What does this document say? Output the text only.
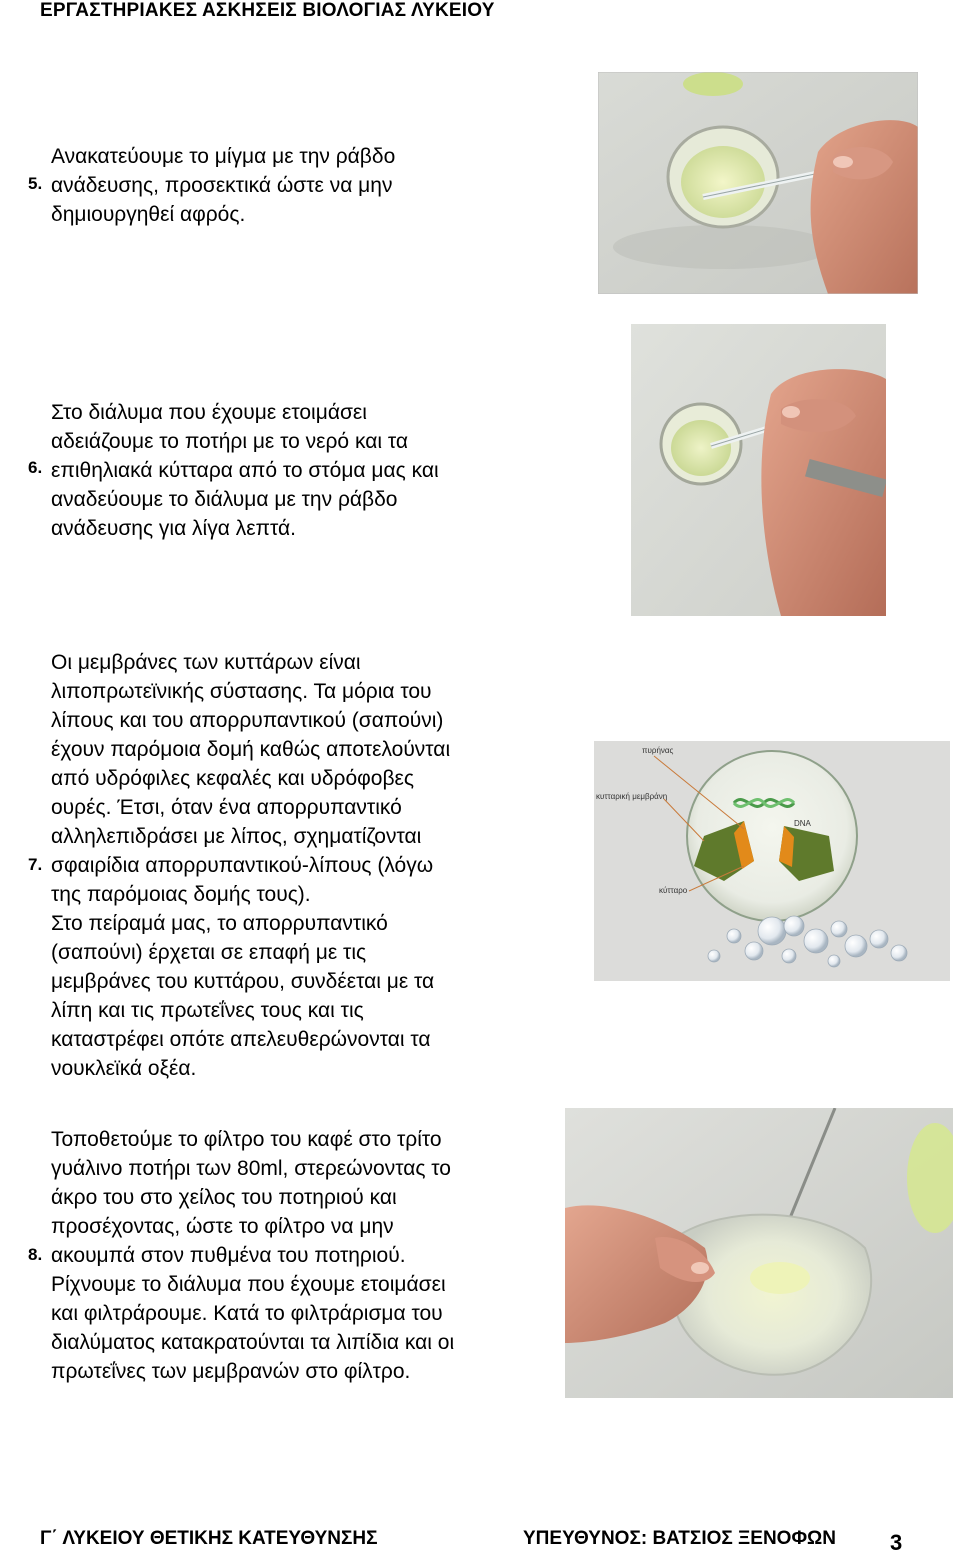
ΕΡΓΑΣΤΗΡΙΑΚΕΣ ΑΣΚΗΣΕΙΣ ΒΙΟΛΟΓΙΑΣ ΛΥΚΕΙΟΥ
5.

Ανακατεύουμε το μίγμα με την ράβδο

ανάδευσης, προσεκτικά ώστε να μην

δημιουργηθεί αφρός.

6.

Στο διάλυμα που έχουμε ετοιμάσει

αδειάζουμε το ποτήρι με το νερό και τα

επιθηλιακά κύτταρα από το στόμα μας και

αναδεύουμε το διάλυμα με την ράβδο

ανάδευσης για λίγα λεπτά.

7.

Οι μεμβράνες των κυττάρων είναι

λιποπρωτεϊνικής σύστασης. Τα μόρια του

λίπους και του απορρυπαντικού (σαπούνι)

έχουν παρόμοια δομή καθώς αποτελούνται

από υδρόφιλες κεφαλές και υδρόφοβες

ουρές. Έτσι, όταν ένα απορρυπαντικό

αλληλεπιδράσει με λίπος, σχηματίζονται

σφαιρίδια απορρυπαντικού-λίπους (λόγω

της παρόμοιας δομής τους).

Στο πείραμά μας, το απορρυπαντικό

(σαπούνι) έρχεται σε επαφή με τις

μεμβράνες του κυττάρου, συνδέεται με τα

λίπη και τις πρωτεΐνες τους και τις

καταστρέφει οπότε απελευθερώνονται τα

νουκλεϊκά οξέα.

DNA
πυρήνας
κυτταρική μεμβράνη
κύτταρο
8.

Τοποθετούμε το φίλτρο του καφέ στο τρίτο

γυάλινο ποτήρι των 80ml, στερεώνοντας το

άκρο του στο χείλος του ποτηριού και

προσέχοντας, ώστε το φίλτρο να μην

ακουμπά στον πυθμένα του ποτηριού.

Ρίχνουμε το διάλυμα που έχουμε ετοιμάσει

και φιλτράρουμε. Κατά το φιλτράρισμα του

διαλύματος κατακρατούνται τα λιπίδια και οι

πρωτεΐνες των μεμβρανών στο φίλτρο.

Γ΄ ΛΥΚΕΙΟΥ ΘΕΤΙΚΗΣ ΚΑΤΕΥΘΥΝΣΗΣ	ΥΠΕΥΘΥΝΟΣ: ΒΑΤΣΙΟΣ ΞΕΝΟΦΩΝ 3
